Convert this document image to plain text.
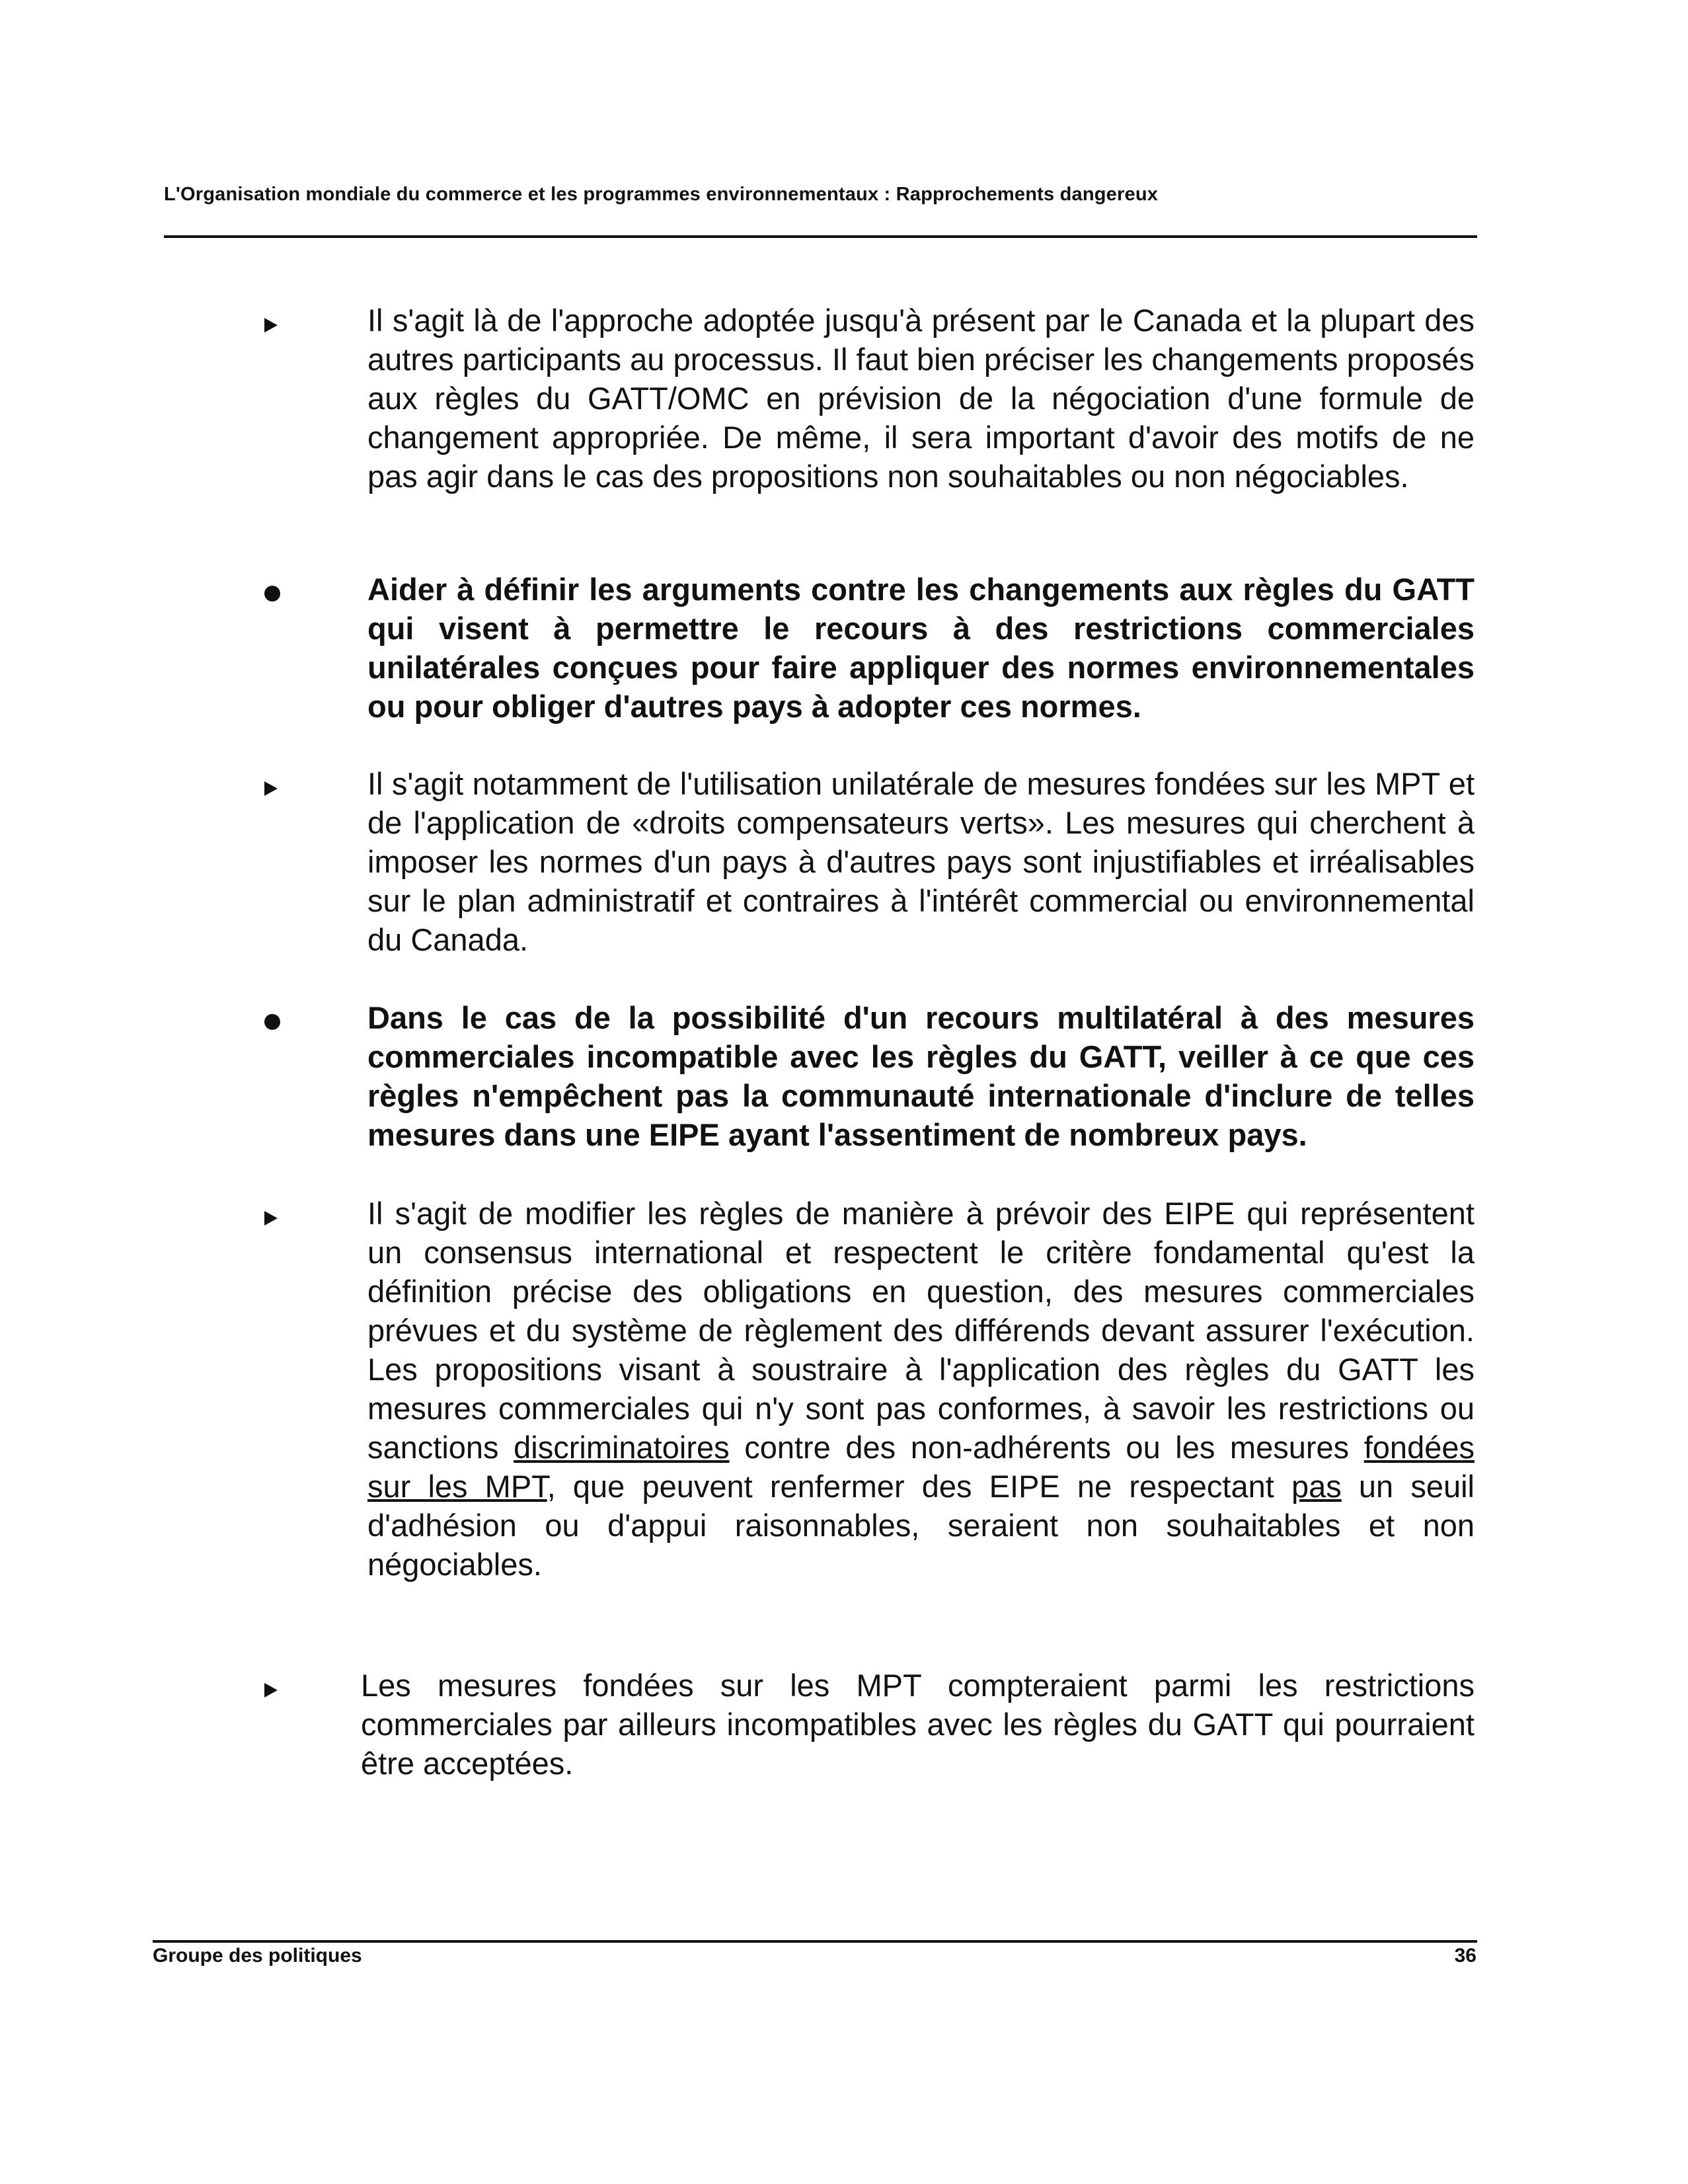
L'Organisation mondiale du commerce et les programmes environnementaux : Rapprochements dangereux
Il s'agit là de l'approche adoptée jusqu'à présent par le Canada et la plupart des autres participants au processus. Il faut bien préciser les changements proposés aux règles du GATT/OMC en prévision de la négociation d'une formule de changement appropriée. De même, il sera important d'avoir des motifs de ne pas agir dans le cas des propositions non souhaitables ou non négociables.
Aider à définir les arguments contre les changements aux règles du GATT qui visent à permettre le recours à des restrictions commerciales unilatérales conçues pour faire appliquer des normes environnementales ou pour obliger d'autres pays à adopter ces normes.
Il s'agit notamment de l'utilisation unilatérale de mesures fondées sur les MPT et de l'application de «droits compensateurs verts». Les mesures qui cherchent à imposer les normes d'un pays à d'autres pays sont injustifiables et irréalisables sur le plan administratif et contraires à l'intérêt commercial ou environnemental du Canada.
Dans le cas de la possibilité d'un recours multilatéral à des mesures commerciales incompatible avec les règles du GATT, veiller à ce que ces règles n'empêchent pas la communauté internationale d'inclure de telles mesures dans une EIPE ayant l'assentiment de nombreux pays.
Il s'agit de modifier les règles de manière à prévoir des EIPE qui représentent un consensus international et respectent le critère fondamental qu'est la définition précise des obligations en question, des mesures commerciales prévues et du système de règlement des différends devant assurer l'exécution. Les propositions visant à soustraire à l'application des règles du GATT les mesures commerciales qui n'y sont pas conformes, à savoir les restrictions ou sanctions discriminatoires contre des non-adhérents ou les mesures fondées sur les MPT, que peuvent renfermer des EIPE ne respectant pas un seuil d'adhésion ou d'appui raisonnables, seraient non souhaitables et non négociables.
Les mesures fondées sur les MPT compteraient parmi les restrictions commerciales par ailleurs incompatibles avec les règles du GATT qui pourraient être acceptées.
Groupe des politiques	36
